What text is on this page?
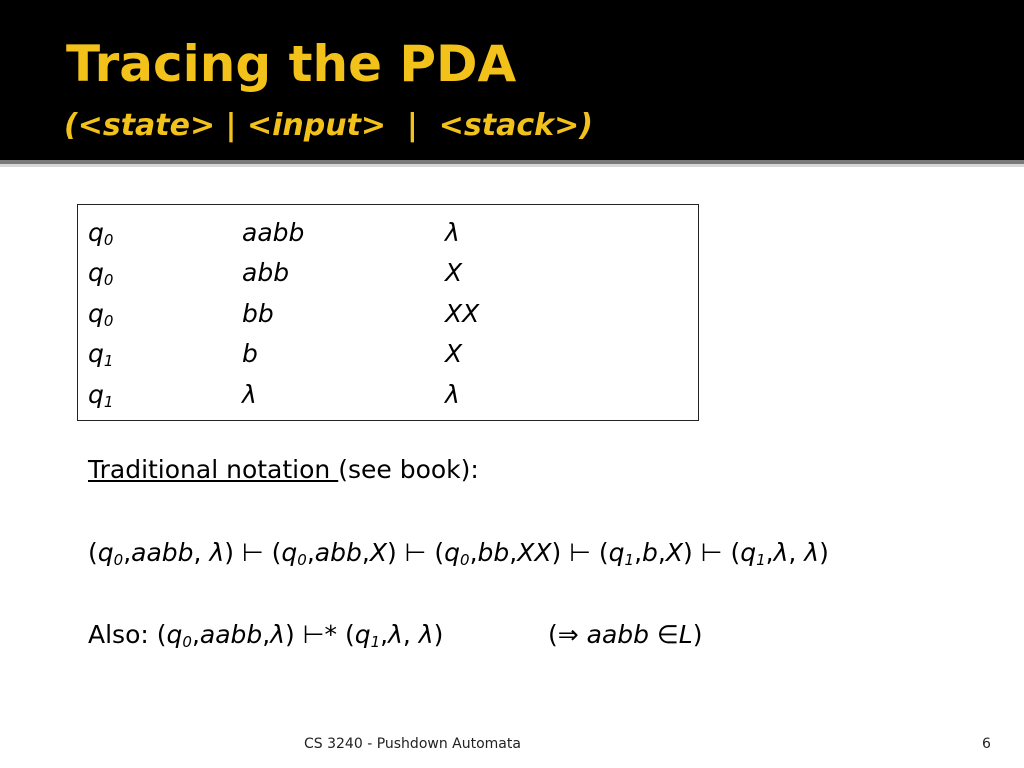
Tracing the PDA
(<state> | <input>  |  <stack>)
$q_0$	aabb	λ
$q_0$	abb	X
$q_0$	bb	XX
$q_1$	b	X
$q_1$	λ	λ
Traditional notation (see book):
($q_0,aabb$, λ) ⊢ $(q_0,abb,X)$ ⊢ $(q_0,bb,XX)$ ⊢ $(q_1,b,X)$ ⊢ ($q_1,\lambda$, λ)
Also: $(q_0,aabb,\lambda)$ ⊢* ($q_1,\lambda$, λ)	(⇒ aabb ∈L)
CS 3240 - Pushdown Automata	6
